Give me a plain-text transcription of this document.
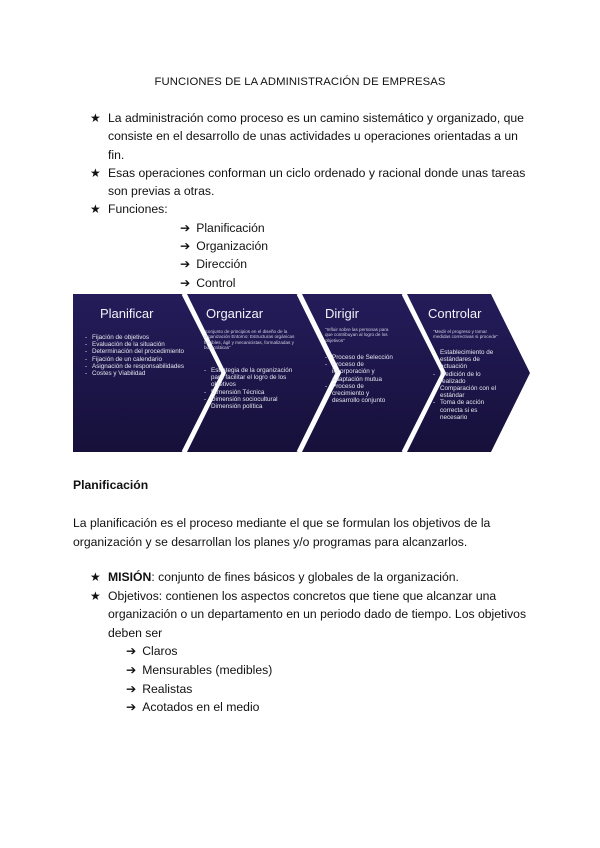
FUNCIONES DE LA ADMINISTRACIÓN DE EMPRESAS
★ La administración como proceso es un camino sistemático y organizado, que consiste en el desarrollo de unas actividades u operaciones orientadas a un fin.
★ Esas operaciones conforman un ciclo ordenado y racional donde unas tareas son previas a otras.
★ Funciones:
➔ Planificación
➔ Organización
➔ Dirección
➔ Control
Planificar
- Fijación de objetivos
- Evaluación de la situación
- Determinación del procedimiento
- Fijación de un calendario
- Asignación de responsabilidades
- Costes y Viabilidad
Organizar
"conjunto de principios en el diseño de la organización Entorno: Estructuras orgánicas flexibles, ágil y mecanicistas, formalizadas y burocráticas"
- Estrategia de la organización para facilitar el logro de los objetivos
- Dimensión Técnica
- Dimensión sociocultural
- Dimensión política
Dirigir
"Influir sobre las personas para que contribuyan al logro de los objetivos"
- Proceso de Selección
- Proceso de incorporación y adaptación mutua
- Proceso de crecimiento y desarrollo conjunto
Controlar
"Medir el progreso y tomar medidas correctivas si procede"
- Establecimiento de estándares de actuación
- Medición de lo realizado
- Comparación con el estándar
- Toma de acción correcta si es necesario
Planificación
La planificación es el proceso mediante el que se formulan los objetivos de la organización y se desarrollan los planes y/o programas para alcanzarlos.
★ MISIÓN: conjunto de fines básicos y globales de la organización.
★ Objetivos: contienen los aspectos concretos que tiene que alcanzar una organización o un departamento en un periodo dado de tiempo. Los objetivos deben ser
➔ Claros
➔ Mensurables (medibles)
➔ Realistas
➔ Acotados en el medio
